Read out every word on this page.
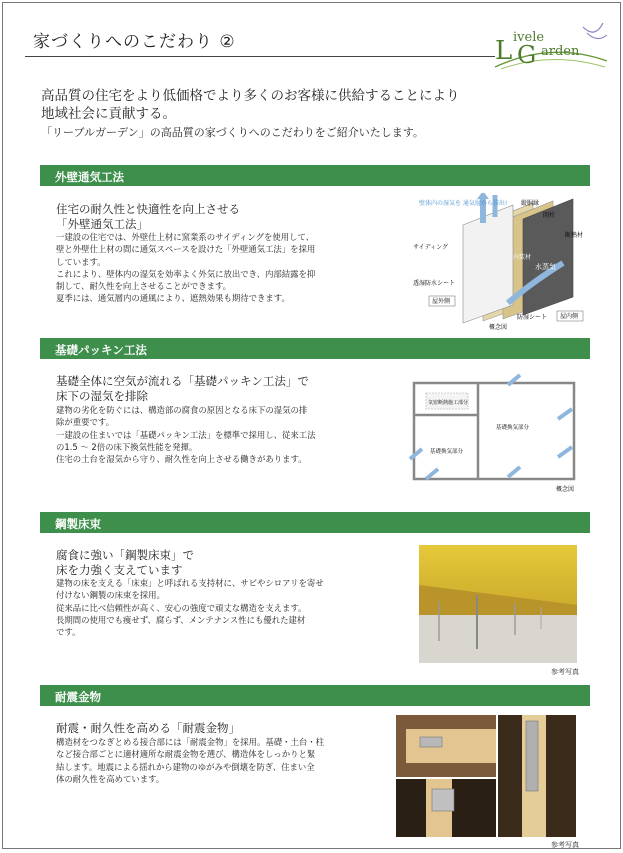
家づくりへのこだわり ②	L ivele
G arden
高品質の住宅をより低価格でより多くのお客様に供給することにより
地域社会に貢献する。
「リーブルガーデン」の高品質の家づくりへのこだわりをご紹介いたします。
外壁通気工法
住宅の耐久性と快適性を向上させる
「外壁通気工法」
一建設の住宅では、外壁仕上材に窯業系のサイディングを使用して、
壁と外壁仕上材の間に通気スペースを設けた「外壁通気工法」を採用
しています。
これにより、壁体内の湿気を効率よく外気に放出でき、内部結露を抑
制して、耐久性を向上させることができます。
夏季には、通気層内の通風により、遮熱効果も期待できます。
壁体内の湿気を 通気層から排出! 縦胴縁
間柱
断熱材
サイディング
内装材
水蒸気
透湿防水シート
屋外側
防湿シート 屋内側
概念図
基礎パッキン工法
基礎全体に空気が流れる「基礎パッキン工法」で
床下の湿気を排除
建物の劣化を防ぐには、構造部の腐食の原因となる床下の湿気の排
除が重要です。
一建設の住まいでは「基礎パッキン工法」を標準で採用し、従来工法
の1.5 〜 2倍の床下換気性能を発揮。
住宅の土台を湿気から守り、耐久性を向上させる働きがあります。
気密断熱施工部分
基礎換気部分
基礎換気部分
概念図
鋼製床束
腐食に強い「鋼製床束」で
床を力強く支えています
建物の床を支える「床束」と呼ばれる支持材に、サビやシロアリを寄せ
付けない鋼製の床束を採用。
従来品に比べ信頼性が高く、安心の強度で頑丈な構造を支えます。
長期間の使用でも痩せず、腐らず、メンテナンス性にも優れた建材
です。
参考写真
耐震金物
耐震・耐久性を高める「耐震金物」
構造材をつなぎとめる接合部には「耐震金物」を採用。基礎・土台・柱
など接合部ごとに適材適所な耐震金物を選び、構造体をしっかりと緊
結します。地震による揺れから建物のゆがみや倒壊を防ぎ、住まい全
体の耐久性を高めています。
参考写真
